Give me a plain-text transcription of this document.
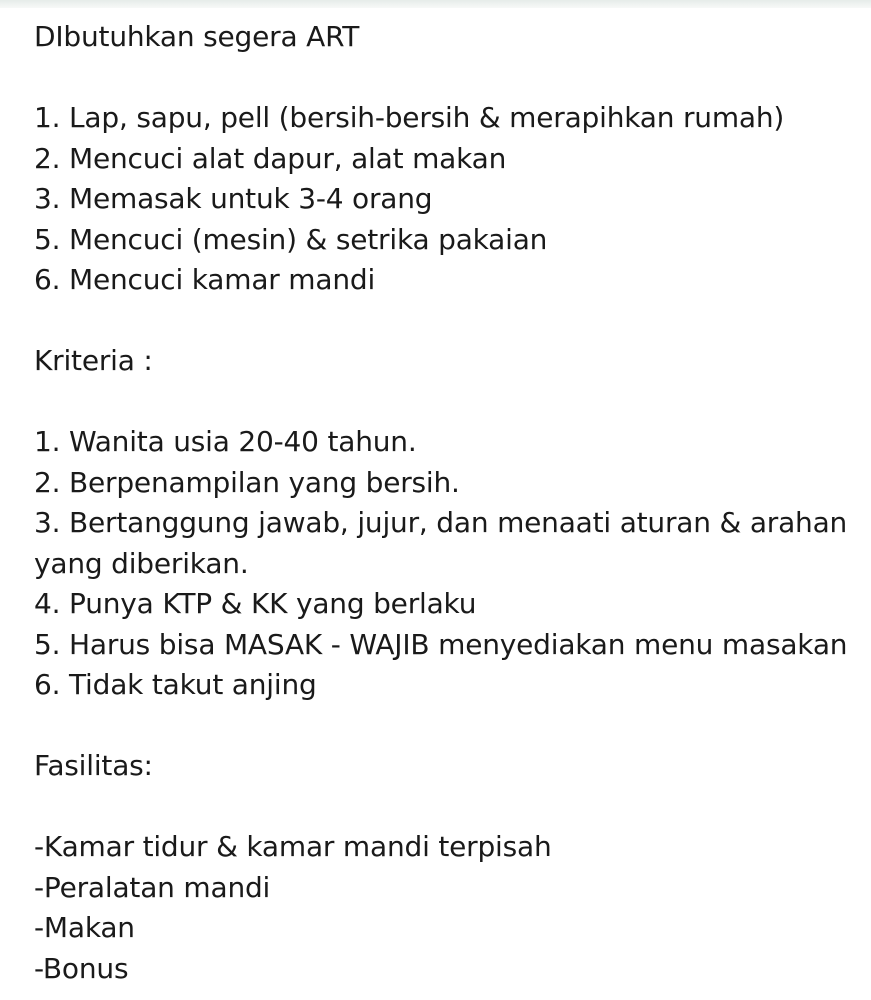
DIbutuhkan segera ART
1. Lap, sapu, pell (bersih-bersih & merapihkan rumah)
2. Mencuci alat dapur, alat makan
3. Memasak untuk 3-4 orang
5. Mencuci (mesin) & setrika pakaian
6. Mencuci kamar mandi
Kriteria :
1. Wanita usia 20-40 tahun.
2. Berpenampilan yang bersih.
3. Bertanggung jawab, jujur, dan menaati aturan & arahan
yang diberikan.
4. Punya KTP & KK yang berlaku
5. Harus bisa MASAK - WAJIB menyediakan menu masakan
6. Tidak takut anjing
Fasilitas:
-Kamar tidur & kamar mandi terpisah
-Peralatan mandi
-Makan
-Bonus
